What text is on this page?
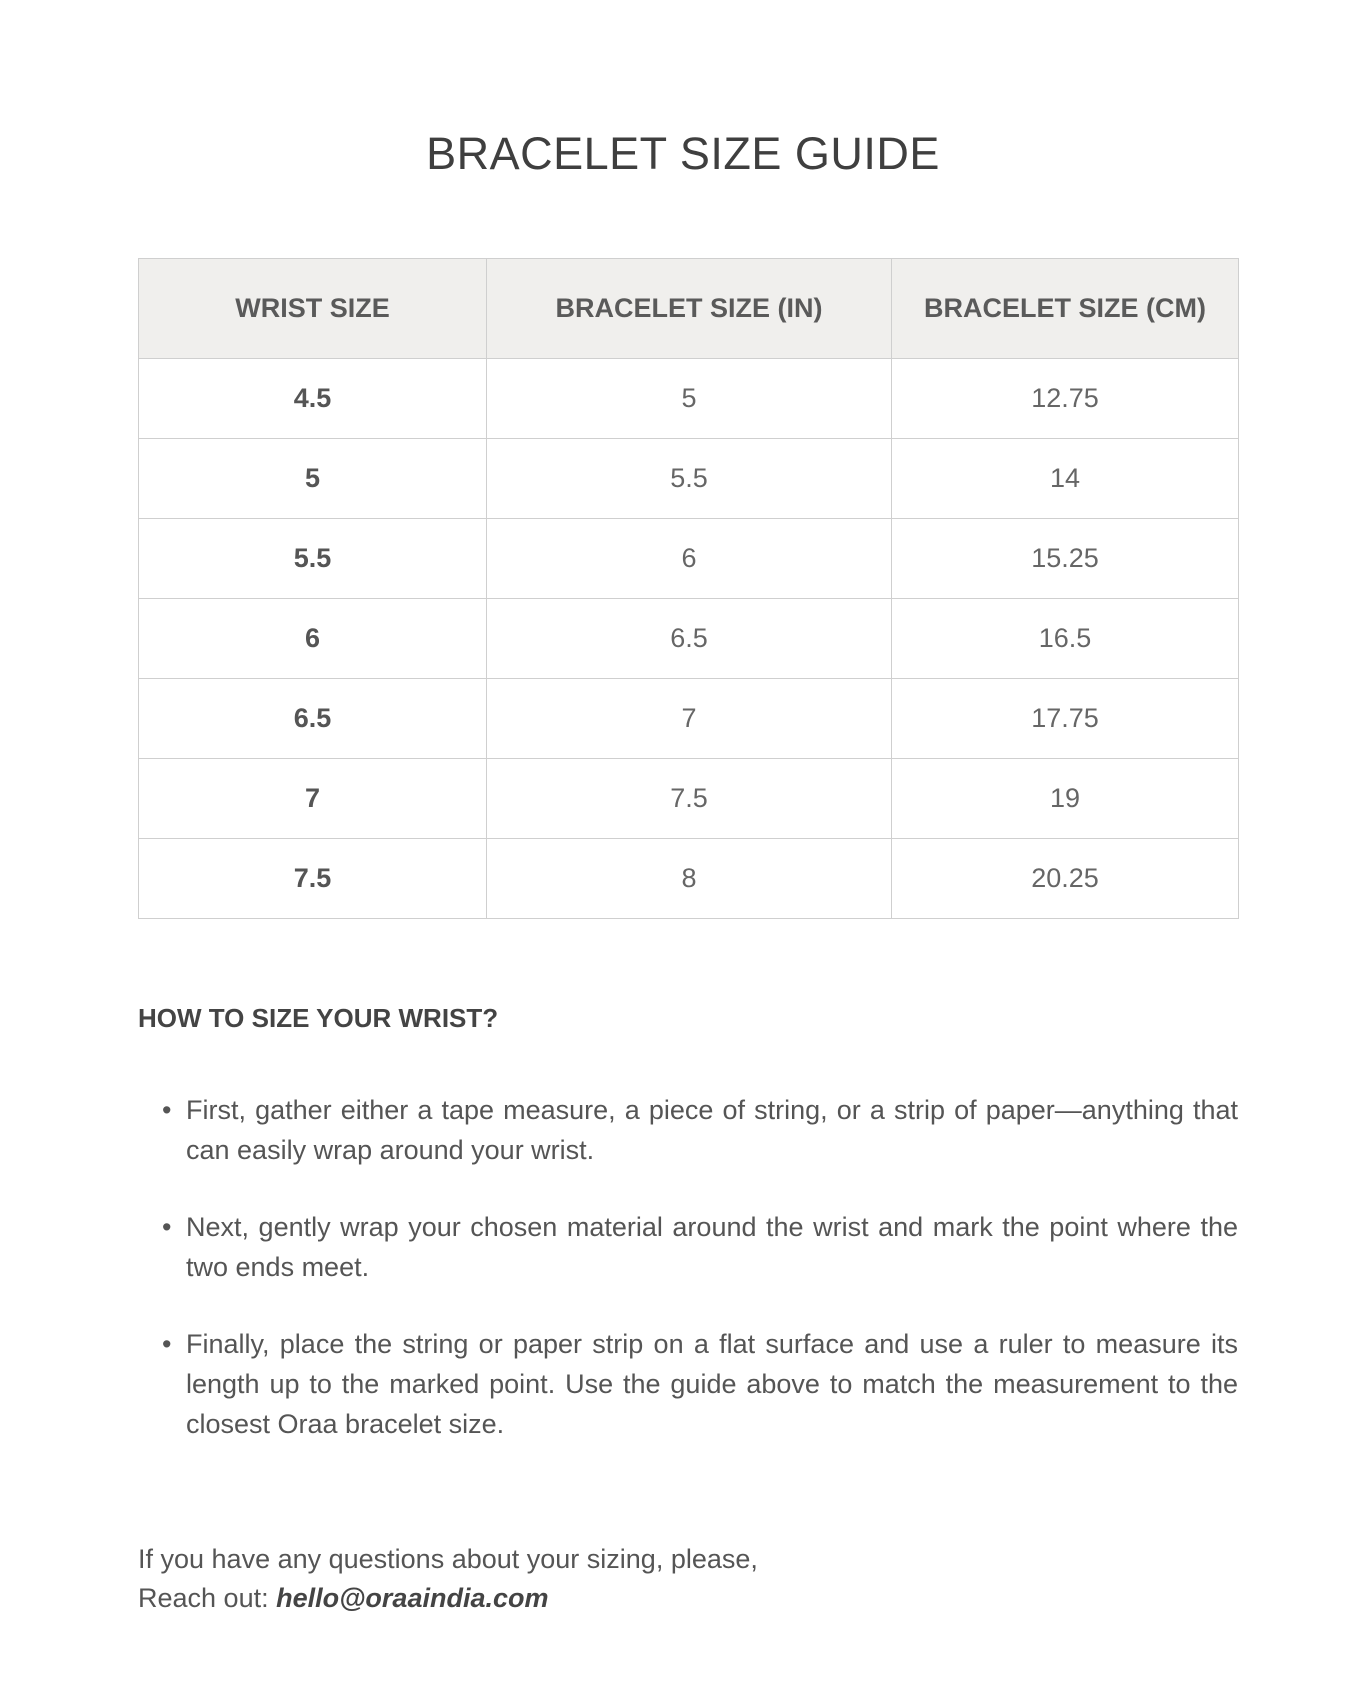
BRACELET SIZE GUIDE
WRIST SIZE	BRACELET SIZE (IN)	BRACELET SIZE (CM)
4.5	5	12.75
5	5.5	14
5.5	6	15.25
6	6.5	16.5
6.5	7	17.75
7	7.5	19
7.5	8	20.25
HOW TO SIZE YOUR WRIST?
• First, gather either a tape measure, a piece of string, or a strip of paper—anything that can easily wrap around your wrist.
• Next, gently wrap your chosen material around the wrist and mark the point where the two ends meet.
• Finally, place the string or paper strip on a flat surface and use a ruler to measure its length up to the marked point. Use the guide above to match the measurement to the closest Oraa bracelet size.
If you have any questions about your sizing, please,
Reach out: hello@oraaindia.com
